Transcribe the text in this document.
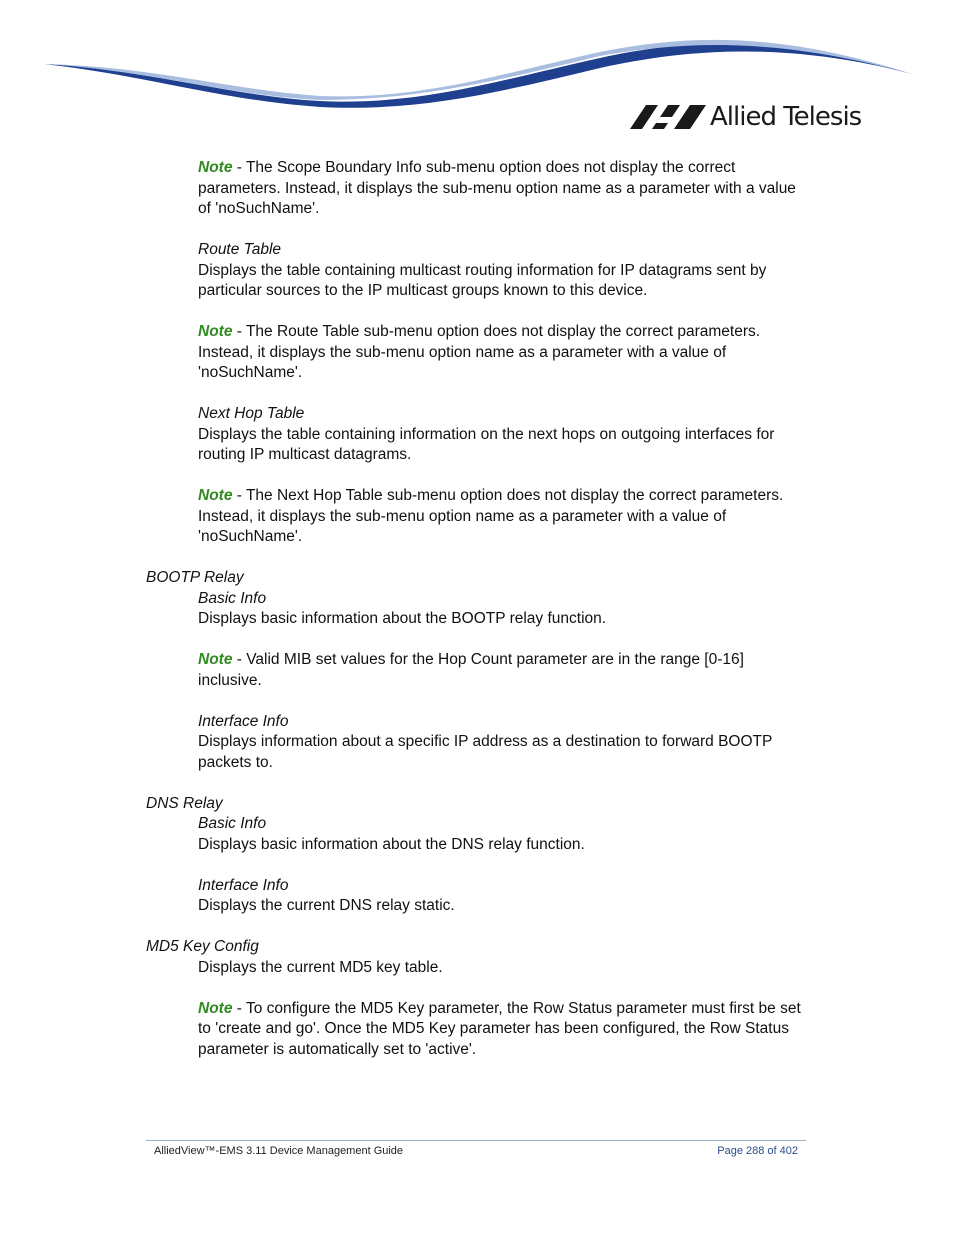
Allied Telesis

Note - The Scope Boundary Info sub-menu option does not display the correct parameters. Instead, it displays the sub-menu option name as a parameter with a value of 'noSuchName'.

Route Table

Displays the table containing multicast routing information for IP datagrams sent by particular sources to the IP multicast groups known to this device.

Note - The Route Table sub-menu option does not display the correct parameters. Instead, it displays the sub-menu option name as a parameter with a value of 'noSuchName'.

Next Hop Table

Displays the table containing information on the next hops on outgoing interfaces for routing IP multicast datagrams.

Note - The Next Hop Table sub-menu option does not display the correct parameters. Instead, it displays the sub-menu option name as a parameter with a value of 'noSuchName'.

BOOTP Relay

Basic Info

Displays basic information about the BOOTP relay function.

Note - Valid MIB set values for the Hop Count parameter are in the range [0-16] inclusive.

Interface Info

Displays information about a specific IP address as a destination to forward BOOTP packets to.

DNS Relay

Basic Info

Displays basic information about the DNS relay function.

Interface Info

Displays the current DNS relay static.

MD5 Key Config

Displays the current MD5 key table.

Note - To configure the MD5 Key parameter, the Row Status parameter must first be set to 'create and go'. Once the MD5 Key parameter has been configured, the Row Status parameter is automatically set to 'active'.

AlliedView™-EMS 3.11 Device Management Guide	Page 288 of 402
